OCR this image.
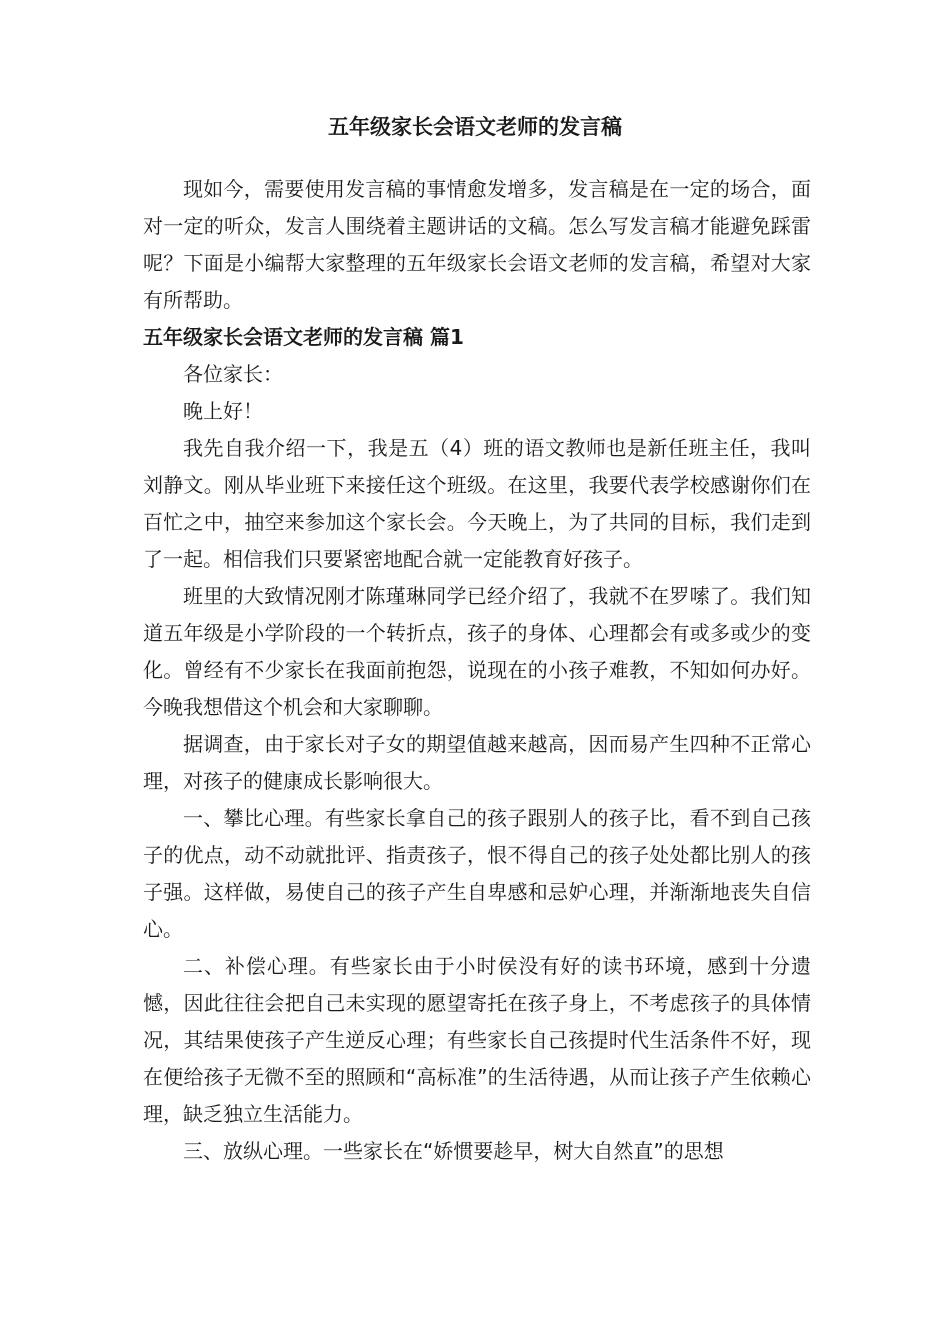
五年级家长会语文老师的发言稿

现如今，需要使用发言稿的事情愈发增多，发言稿是在一定的场合，面对一定的听众，发言人围绕着主题讲话的文稿。怎么写发言稿才能避免踩雷呢？下面是小编帮大家整理的五年级家长会语文老师的发言稿，希望对大家有所帮助。

五年级家长会语文老师的发言稿 篇1

各位家长：

晚上好！

我先自我介绍一下，我是五（4）班的语文教师也是新任班主任，我叫刘静文。刚从毕业班下来接任这个班级。在这里，我要代表学校感谢你们在百忙之中，抽空来参加这个家长会。今天晚上，为了共同的目标，我们走到了一起。相信我们只要紧密地配合就一定能教育好孩子。

班里的大致情况刚才陈瑾琳同学已经介绍了，我就不在罗嗦了。我们知道五年级是小学阶段的一个转折点，孩子的身体、心理都会有或多或少的变化。曾经有不少家长在我面前抱怨，说现在的小孩子难教，不知如何办好。今晚我想借这个机会和大家聊聊。

据调查，由于家长对子女的期望值越来越高，因而易产生四种不正常心理，对孩子的健康成长影响很大。

一、攀比心理。有些家长拿自己的孩子跟别人的孩子比，看不到自己孩子的优点，动不动就批评、指责孩子，恨不得自己的孩子处处都比别人的孩子强。这样做，易使自己的孩子产生自卑感和忌妒心理，并渐渐地丧失自信心。

二、补偿心理。有些家长由于小时侯没有好的读书环境，感到十分遗憾，因此往往会把自己未实现的愿望寄托在孩子身上，不考虑孩子的具体情况，其结果使孩子产生逆反心理；有些家长自己孩提时代生活条件不好，现在便给孩子无微不至的照顾和“高标准”的生活待遇，从而让孩子产生依赖心理，缺乏独立生活能力。

三、放纵心理。一些家长在“娇惯要趁早，树大自然直”的思想
